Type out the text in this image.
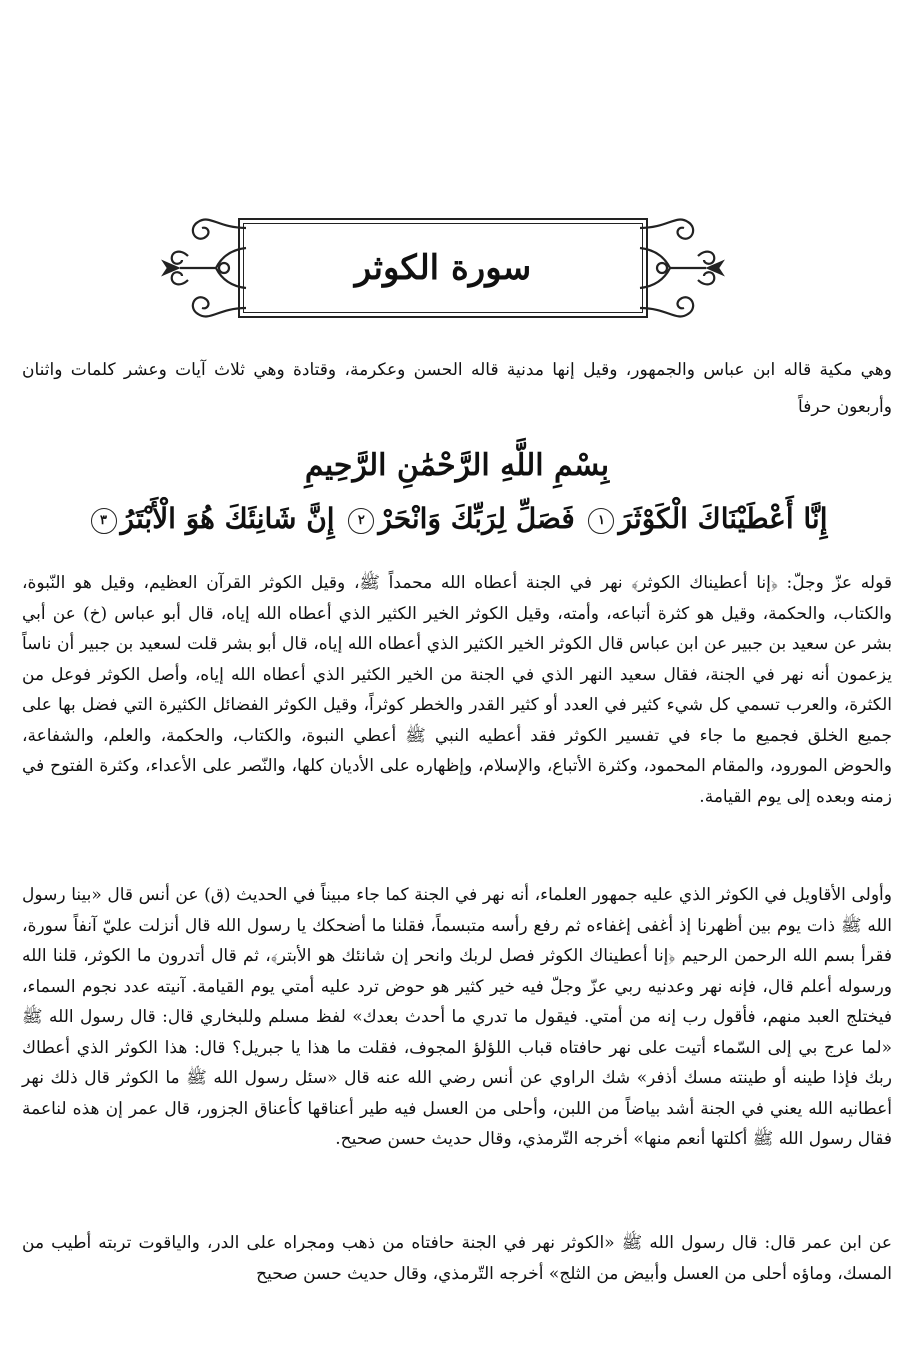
سورة الكوثر
وهي مكية قاله ابن عباس والجمهور، وقيل إنها مدنية قاله الحسن وعكرمة، وقتادة وهي ثلاث آيات وعشر كلمات واثنان وأربعون حرفاً
بِسْمِ اللَّهِ الرَّحْمَٰنِ الرَّحِيمِ
إِنَّا أَعْطَيْنَاكَ الْكَوْثَرَ١ فَصَلِّ لِرَبِّكَ وَانْحَرْ٢ إِنَّ شَانِئَكَ هُوَ الْأَبْتَرُ٣
قوله عزّ وجلّ: ﴿إنا أعطيناك الكوثر﴾ نهر في الجنة أعطاه الله محمداً ﷺ، وقيل الكوثر القرآن العظيم، وقيل هو النّبوة، والكتاب، والحكمة، وقيل هو كثرة أتباعه، وأمته، وقيل الكوثر الخير الكثير الذي أعطاه الله إياه، قال أبو عباس (خ) عن أبي بشر عن سعيد بن جبير عن ابن عباس قال الكوثر الخير الكثير الذي أعطاه الله إياه، قال أبو بشر قلت لسعيد بن جبير أن ناساً يزعمون أنه نهر في الجنة، فقال سعيد النهر الذي في الجنة من الخير الكثير الذي أعطاه الله إياه، وأصل الكوثر فوعل من الكثرة، والعرب تسمي كل شيء كثير في العدد أو كثير القدر والخطر كوثراً، وقيل الكوثر الفضائل الكثيرة التي فضل بها على جميع الخلق فجميع ما جاء في تفسير الكوثر فقد أعطيه النبي ﷺ أعطي النبوة، والكتاب، والحكمة، والعلم، والشفاعة، والحوض المورود، والمقام المحمود، وكثرة الأتباع، والإسلام، وإظهاره على الأديان كلها، والنّصر على الأعداء، وكثرة الفتوح في زمنه وبعده إلى يوم القيامة.
وأولى الأقاويل في الكوثر الذي عليه جمهور العلماء، أنه نهر في الجنة كما جاء مبيناً في الحديث (ق) عن أنس قال «بينا رسول الله ﷺ ذات يوم بين أظهرنا إذ أغفى إغفاءه ثم رفع رأسه متبسماً، فقلنا ما أضحكك يا رسول الله قال أنزلت عليّ آنفاً سورة، فقرأ بسم الله الرحمن الرحيم ﴿إنا أعطيناك الكوثر فصل لربك وانحر إن شانئك هو الأبتر﴾، ثم قال أتدرون ما الكوثر، قلنا الله ورسوله أعلم قال، فإنه نهر وعدنيه ربي عزّ وجلّ فيه خير كثير هو حوض ترد عليه أمتي يوم القيامة. آنيته عدد نجوم السماء، فيختلج العبد منهم، فأقول رب إنه من أمتي. فيقول ما تدري ما أحدث بعدك» لفظ مسلم وللبخاري قال: قال رسول الله ﷺ «لما عرج بي إلى السّماء أتيت على نهر حافتاه قباب اللؤلؤ المجوف، فقلت ما هذا يا جبريل؟ قال: هذا الكوثر الذي أعطاك ربك فإذا طينه أو طينته مسك أذفر» شك الراوي عن أنس رضي الله عنه قال «سئل رسول الله ﷺ ما الكوثر قال ذلك نهر أعطانيه الله يعني في الجنة أشد بياضاً من اللبن، وأحلى من العسل فيه طير أعناقها كأعناق الجزور، قال عمر إن هذه لناعمة فقال رسول الله ﷺ أكلتها أنعم منها» أخرجه التّرمذي، وقال حديث حسن صحيح.
عن ابن عمر قال: قال رسول الله ﷺ «الكوثر نهر في الجنة حافتاه من ذهب ومجراه على الدر، والياقوت تربته أطيب من المسك، وماؤه أحلى من العسل وأبيض من الثلج» أخرجه التّرمذي، وقال حديث حسن صحيح
